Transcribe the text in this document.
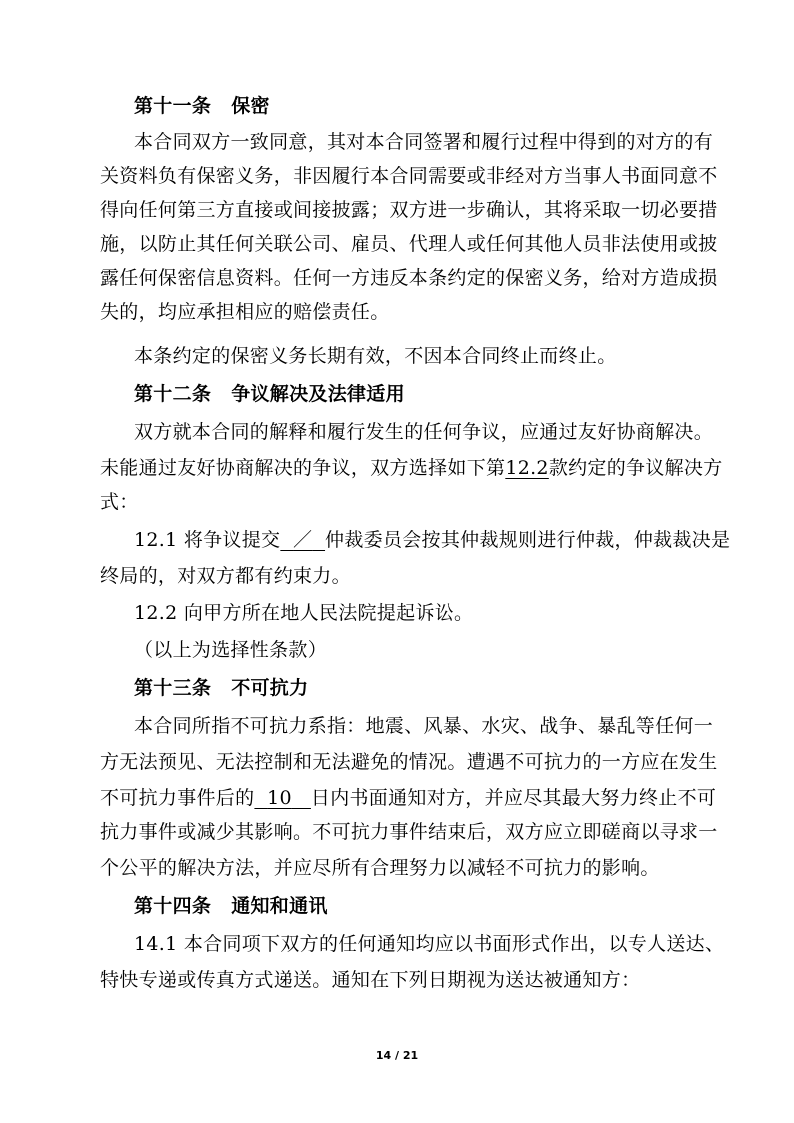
第十一条 保密
本合同双方一致同意，其对本合同签署和履行过程中得到的对方的有
关资料负有保密义务，非因履行本合同需要或非经对方当事人书面同意不
得向任何第三方直接或间接披露；双方进一步确认，其将采取一切必要措
施，以防止其任何关联公司、雇员、代理人或任何其他人员非法使用或披
露任何保密信息资料。任何一方违反本条约定的保密义务，给对方造成损
失的，均应承担相应的赔偿责任。
本条约定的保密义务长期有效，不因本合同终止而终止。
第十二条 争议解决及法律适用
双方就本合同的解释和履行发生的任何争议，应通过友好协商解决。
未能通过友好协商解决的争议，双方选择如下第12.2款约定的争议解决方
式：
12.1 将争议提交 ／ 仲裁委员会按其仲裁规则进行仲裁，仲裁裁决是
终局的，对双方都有约束力。
12.2 向甲方所在地人民法院提起诉讼。
（以上为选择性条款）
第十三条 不可抗力
本合同所指不可抗力系指：地震、风暴、水灾、战争、暴乱等任何一
方无法预见、无法控制和无法避免的情况。遭遇不可抗力的一方应在发生
不可抗力事件后的 10 日内书面通知对方，并应尽其最大努力终止不可
抗力事件或减少其影响。不可抗力事件结束后，双方应立即磋商以寻求一
个公平的解决方法，并应尽所有合理努力以减轻不可抗力的影响。
第十四条 通知和通讯
14.1 本合同项下双方的任何通知均应以书面形式作出，以专人送达、
特快专递或传真方式递送。通知在下列日期视为送达被通知方：
14 / 21
